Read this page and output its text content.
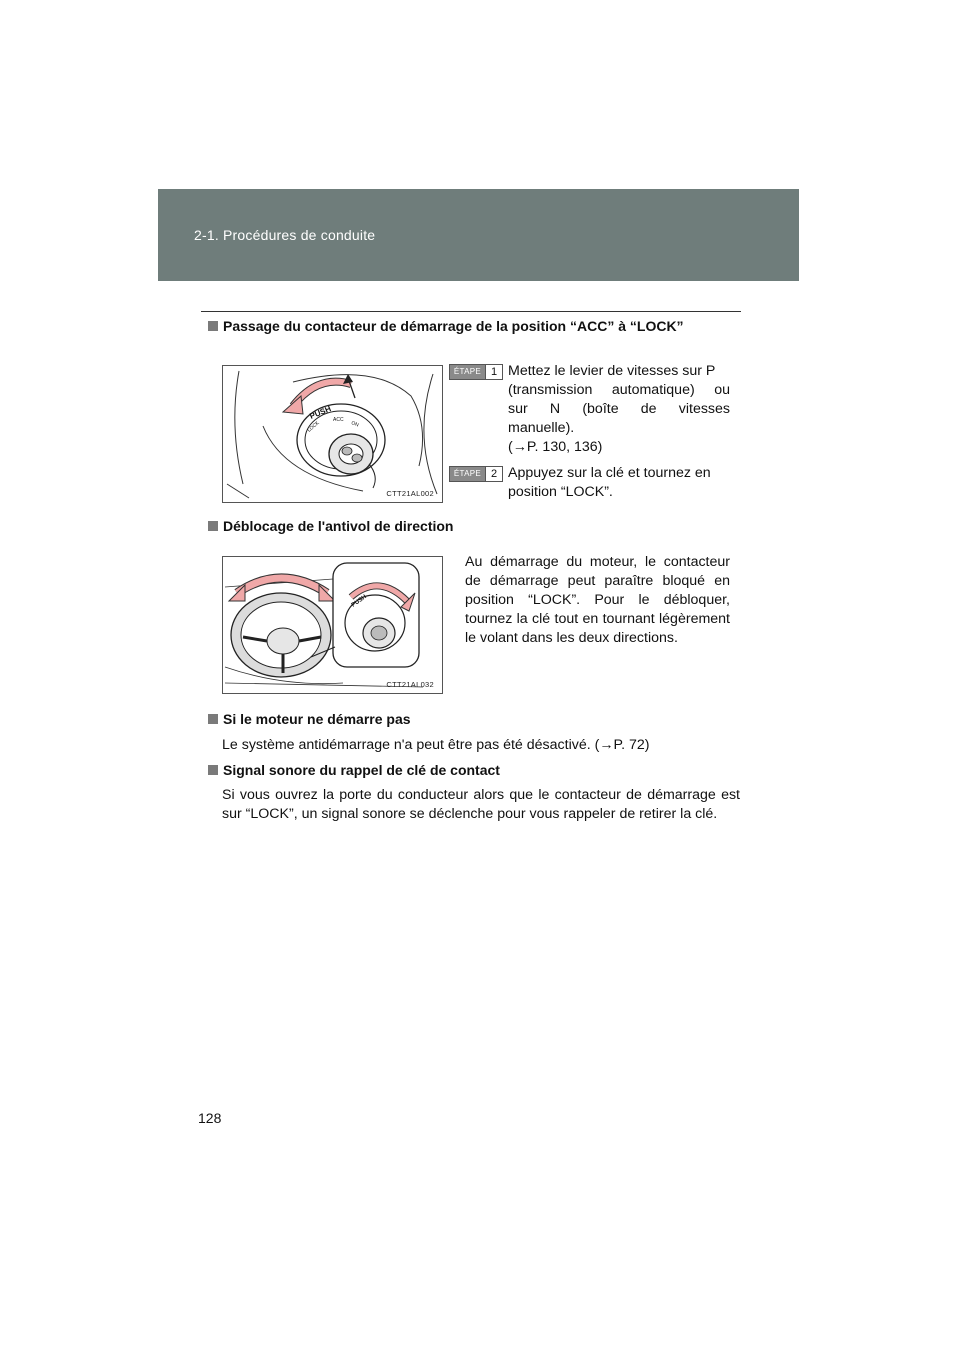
2-1. Procédures de conduite
Passage du contacteur de démarrage de la position “ACC” à “LOCK”
PUSH
LOCK
ACC
ON
CTT21AL002
ÉTAPE 1 Mettez le levier de vitesses sur P
(transmission automatique) ou
sur N (boîte de vitesses
manuelle).
(→P. 130, 136)
ÉTAPE 2 Appuyez sur la clé et tournez en
position “LOCK”.
Déblocage de l'antivol de direction
PUSH
CTT21AL032
Au démarrage du moteur, le contacteur de démarrage peut paraître bloqué en position “LOCK”. Pour le débloquer, tournez la clé tout en tournant légèrement le volant dans les deux directions.
Si le moteur ne démarre pas
Le système antidémarrage n'a peut être pas été désactivé. (→P. 72)
Signal sonore du rappel de clé de contact
Si vous ouvrez la porte du conducteur alors que le contacteur de démarrage est sur “LOCK”, un signal sonore se déclenche pour vous rappeler de retirer la clé.
128
